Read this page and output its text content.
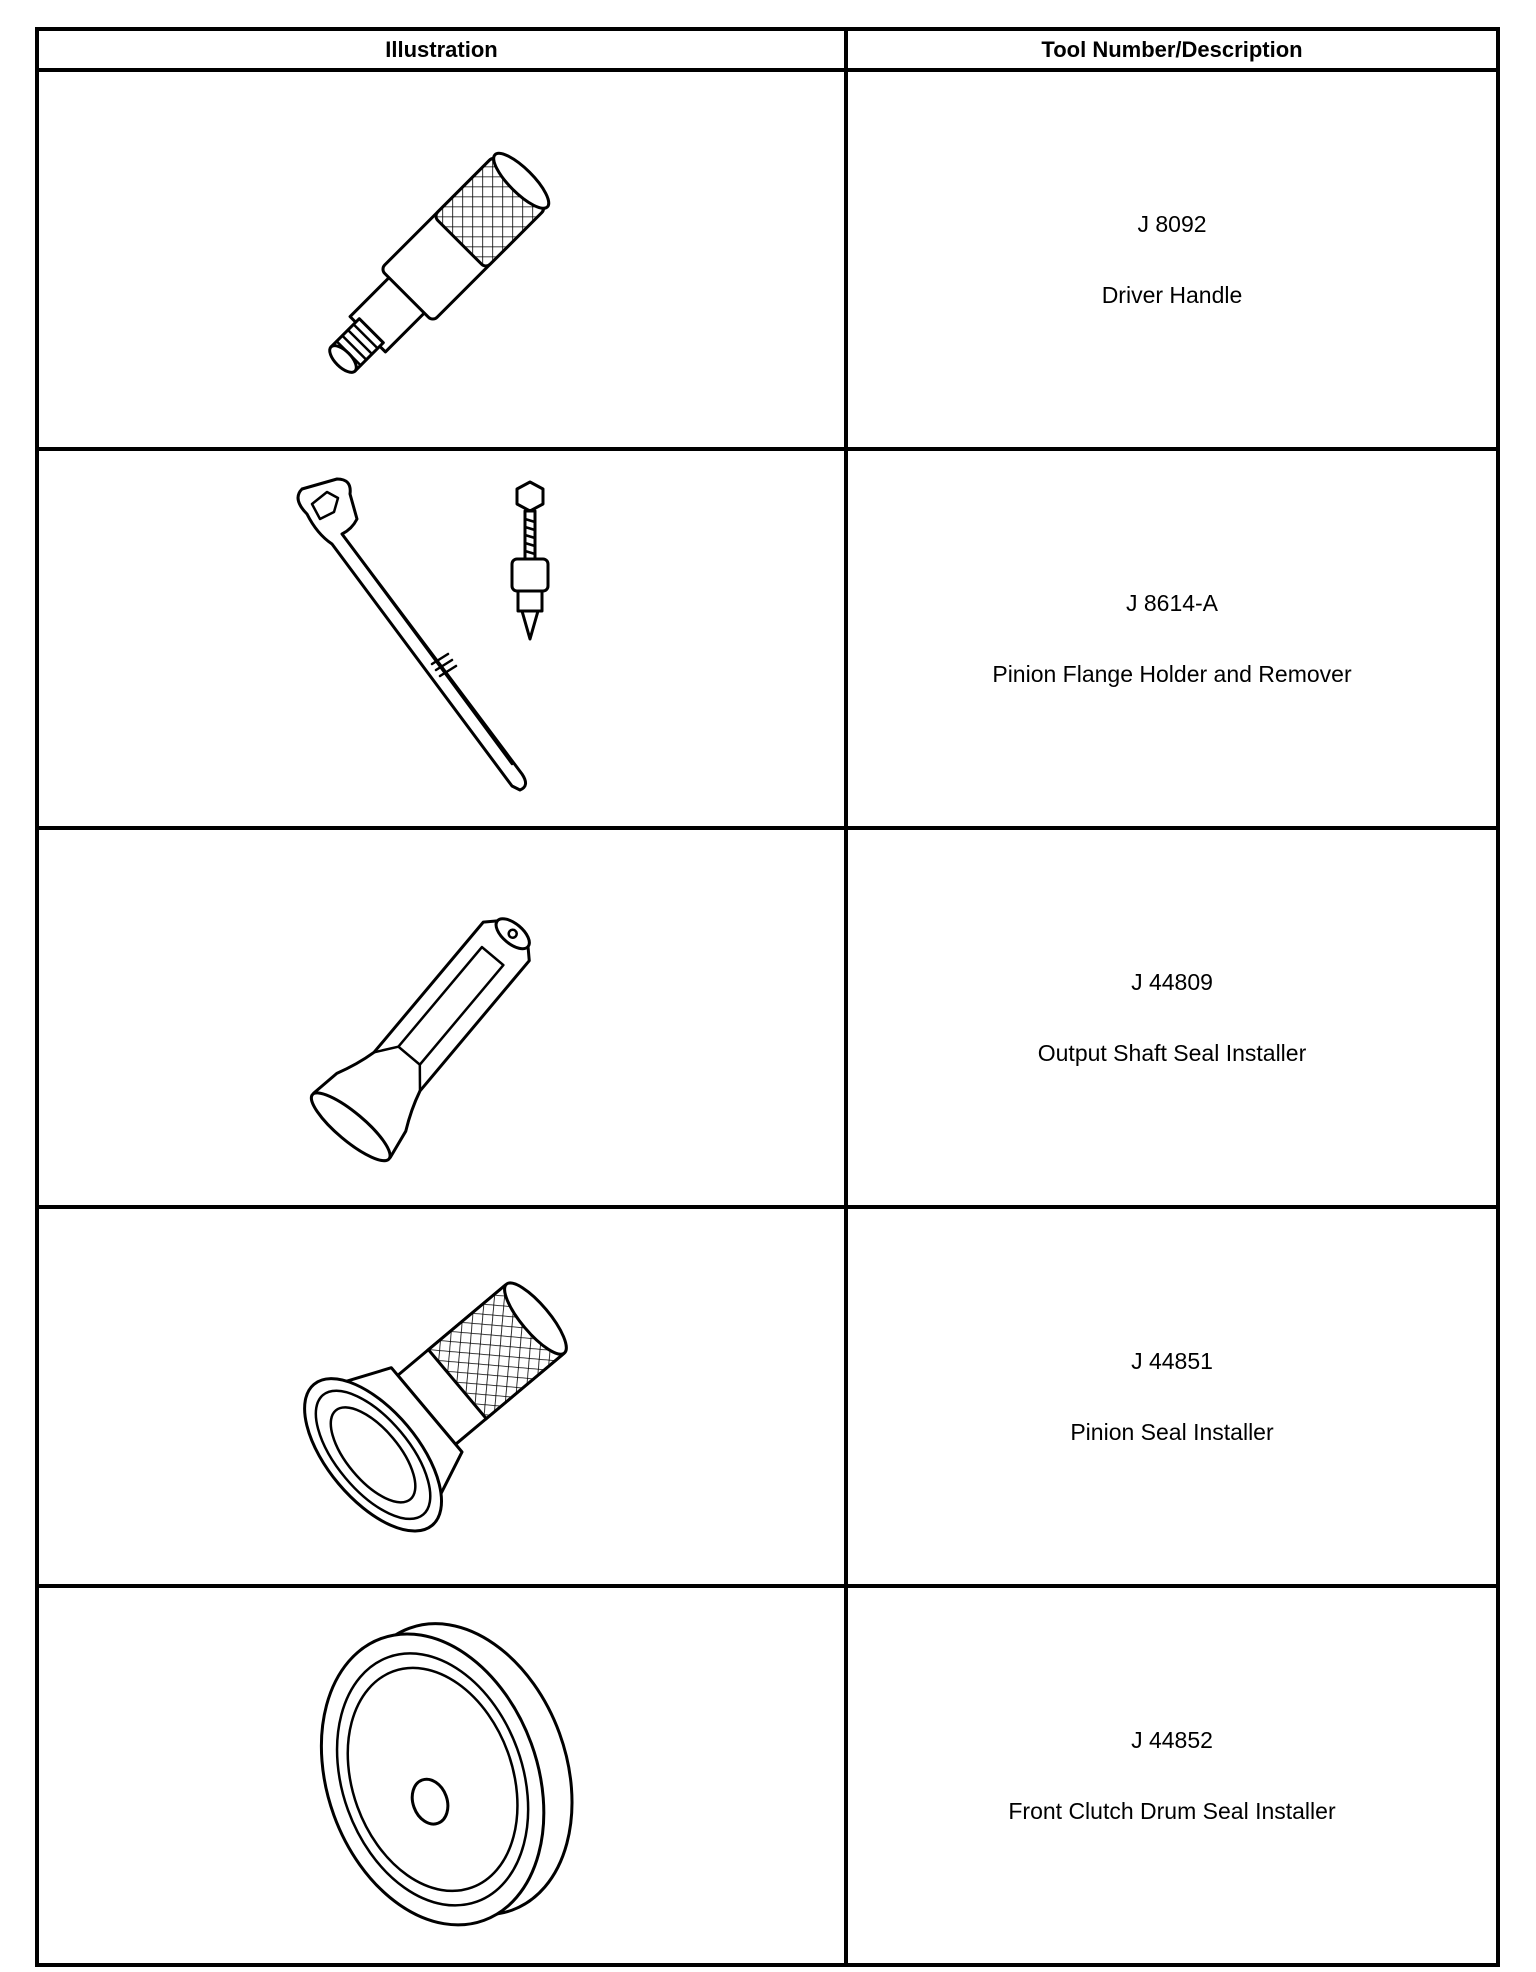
Illustration	Tool Number/Description

J 8092
Driver Handle

J 8614-A
Pinion Flange Holder and Remover

J 44809
Output Shaft Seal Installer

J 44851
Pinion Seal Installer

J 44852
Front Clutch Drum Seal Installer
